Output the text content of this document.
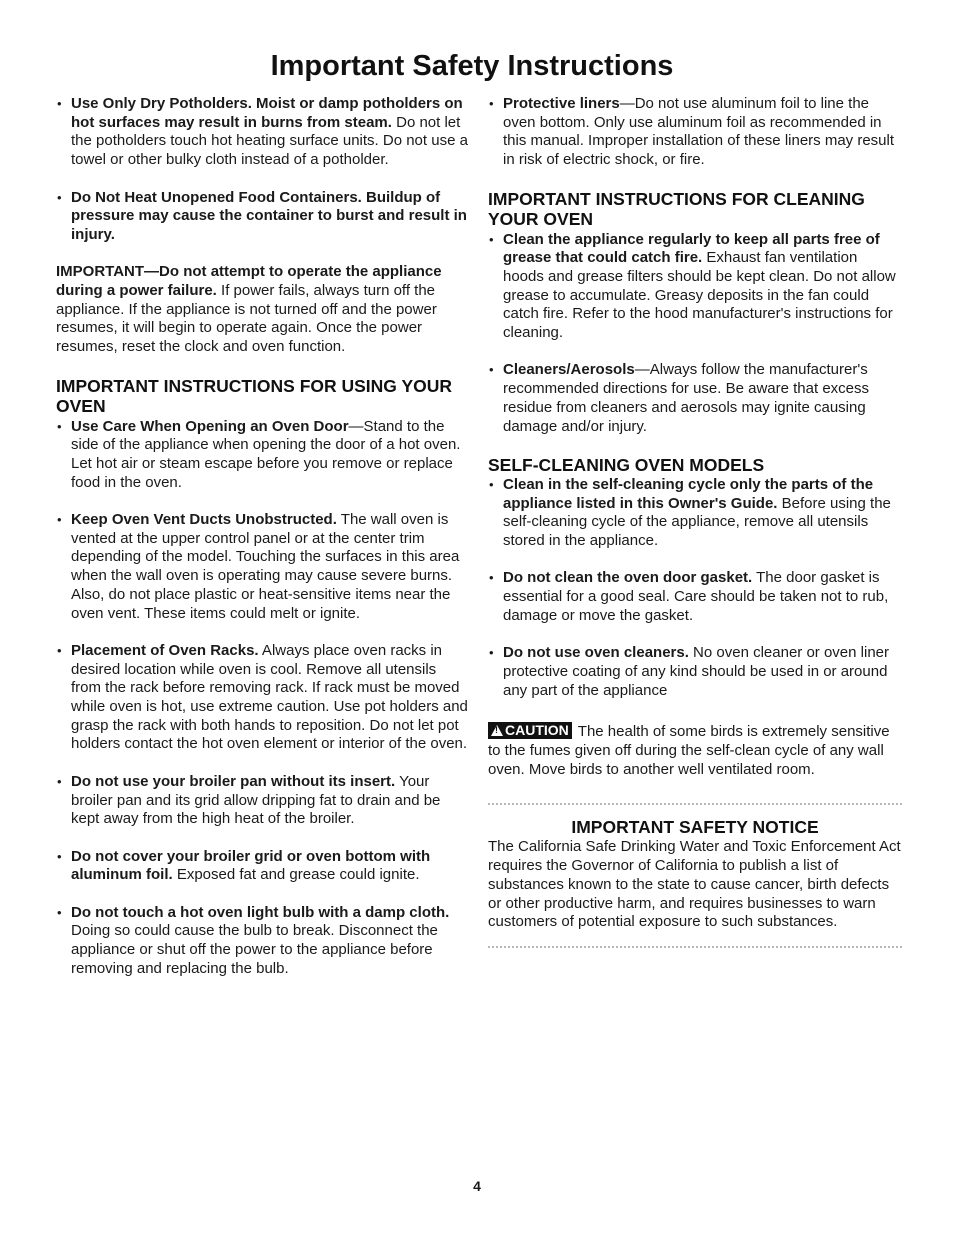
Important Safety Instructions
• Use Only Dry Potholders. Moist or damp potholders on hot surfaces may result in burns from steam. Do not let the potholders touch hot heating surface units. Do not use a towel or other bulky cloth instead of a potholder.
• Do Not Heat Unopened Food Containers. Buildup of pressure may cause the container to burst and result in injury.
IMPORTANT—Do not attempt to operate the appliance during a power failure. If power fails, always turn off the appliance. If the appliance is not turned off and the power resumes, it will begin to operate again. Once the power resumes, reset the clock and oven function.
IMPORTANT INSTRUCTIONS FOR USING YOUR OVEN
• Use Care When Opening an Oven Door—Stand to the side of the appliance when opening the door of a hot oven. Let hot air or steam escape before you remove or replace food in the oven.
• Keep Oven Vent Ducts Unobstructed. The wall oven is vented at the upper control panel or at the center trim depending of the model. Touching the surfaces in this area when the wall oven is operating may cause severe burns. Also, do not place plastic or heat-sensitive items near the oven vent. These items could melt or ignite.
• Placement of Oven Racks. Always place oven racks in desired location while oven is cool. Remove all utensils from the rack before removing rack. If rack must be moved while oven is hot, use extreme caution. Use pot holders and grasp the rack with both hands to reposition. Do not let pot holders contact the hot oven element or interior of the oven.
• Do not use your broiler pan without its insert. Your broiler pan and its grid allow dripping fat to drain and be kept away from the high heat of the broiler.
• Do not cover your broiler grid or oven bottom with aluminum foil. Exposed fat and grease could ignite.
• Do not touch a hot oven light bulb with a damp cloth. Doing so could cause the bulb to break. Disconnect the appliance or shut off the power to the appliance before removing and replacing the bulb.
• Protective liners—Do not use aluminum foil to line the oven bottom. Only use aluminum foil as recommended in this manual. Improper installation of these liners may result in risk of electric shock, or fire.
IMPORTANT INSTRUCTIONS FOR CLEANING YOUR OVEN
• Clean the appliance regularly to keep all parts free of grease that could catch fire. Exhaust fan ventilation hoods and grease filters should be kept clean. Do not allow grease to accumulate. Greasy deposits in the fan could catch fire. Refer to the hood manufacturer's instructions for cleaning.
• Cleaners/Aerosols—Always follow the manufacturer's recommended directions for use. Be aware that excess residue from cleaners and aerosols may ignite causing damage and/or injury.
SELF-CLEANING OVEN MODELS
• Clean in the self-cleaning cycle only the parts of the appliance listed in this Owner's Guide. Before using the self-cleaning cycle of the appliance, remove all utensils stored in the appliance.
• Do not clean the oven door gasket. The door gasket is essential for a good seal. Care should be taken not to rub, damage or move the gasket.
• Do not use oven cleaners. No oven cleaner or oven liner protective coating of any kind should be used in or around any part of the appliance
!CAUTION The health of some birds is extremely sensitive to the fumes given off during the self-clean cycle of any wall oven. Move birds to another well ventilated room.
IMPORTANT SAFETY NOTICE

The California Safe Drinking Water and Toxic Enforcement Act requires the Governor of California to publish a list of substances known to the state to cause cancer, birth defects or other productive harm, and requires businesses to warn customers of potential exposure to such substances.

4
